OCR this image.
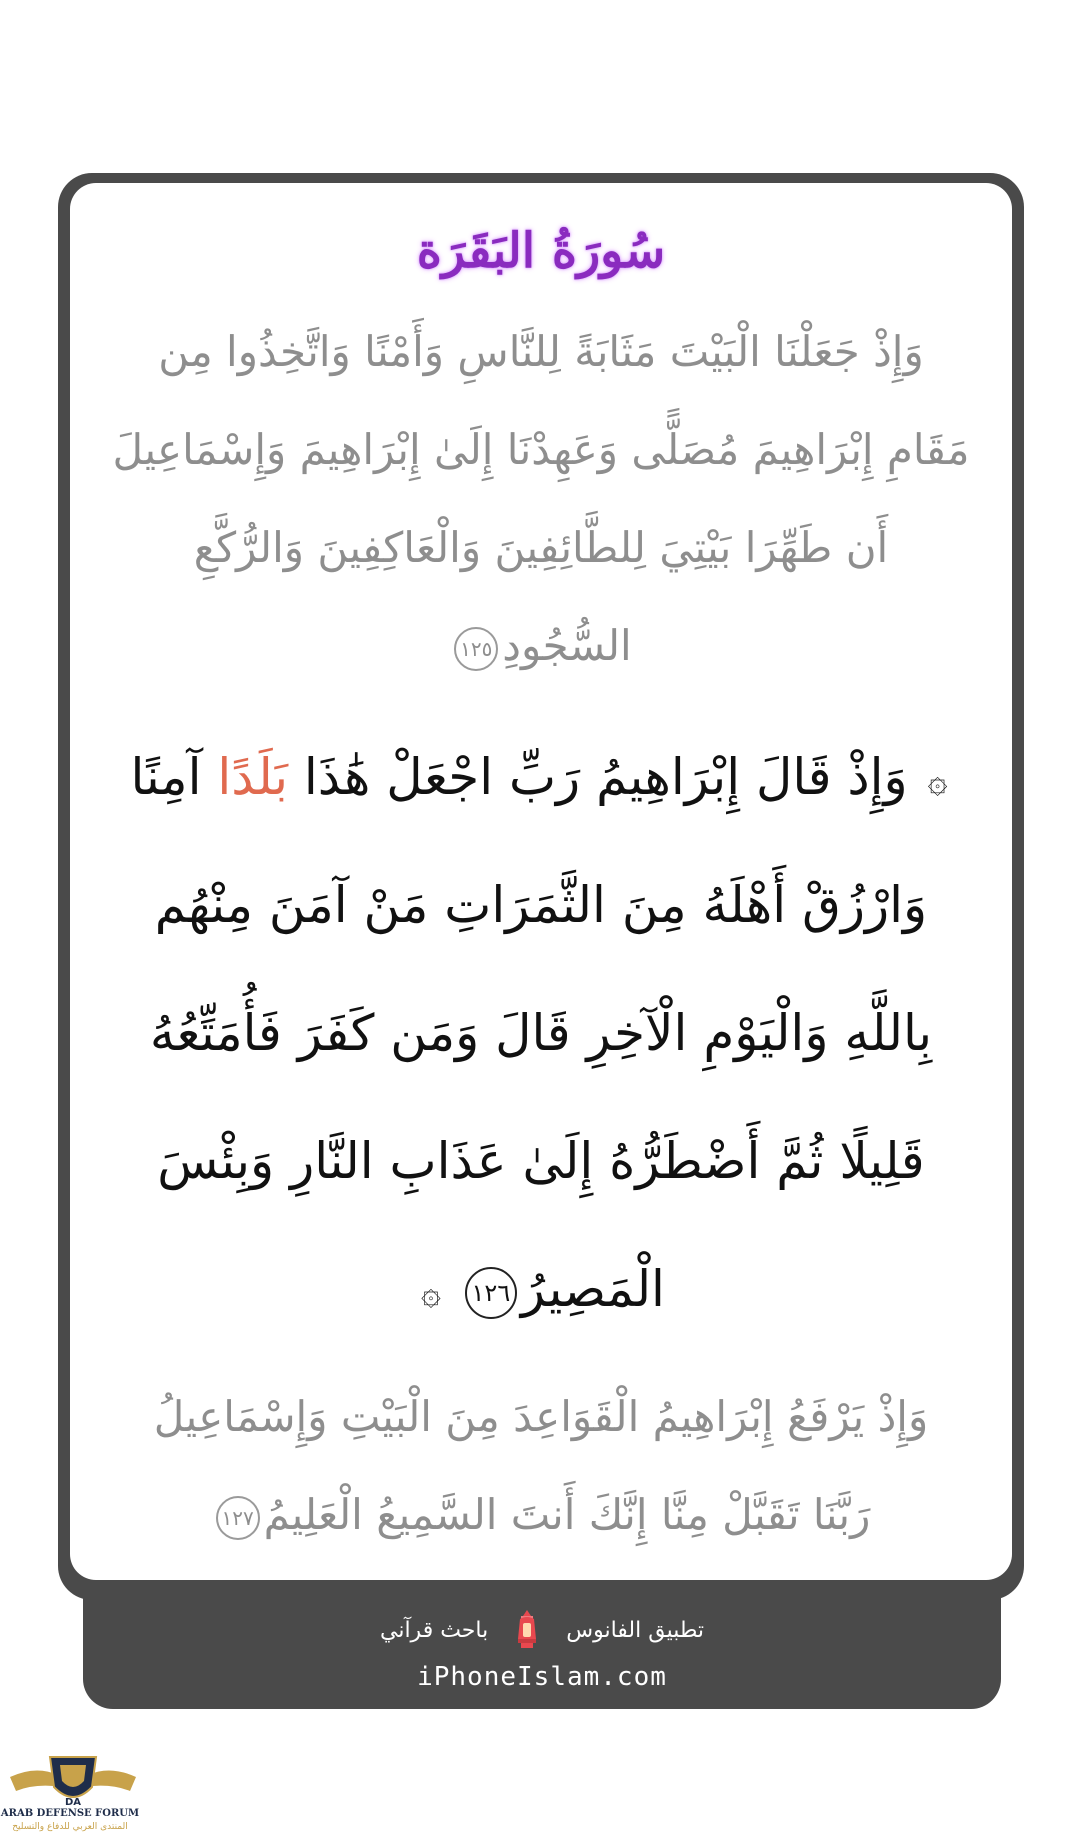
سُورَةُ البَقَرَة
وَإِذْ جَعَلْنَا الْبَيْتَ مَثَابَةً لِلنَّاسِ وَأَمْنًا وَاتَّخِذُوا مِن
مَقَامِ إِبْرَاهِيمَ مُصَلًّى وَعَهِدْنَا إِلَىٰ إِبْرَاهِيمَ وَإِسْمَاعِيلَ
أَن طَهِّرَا بَيْتِيَ لِلطَّائِفِينَ وَالْعَاكِفِينَ وَالرُّكَّعِ
السُّجُودِ١٢٥
۞ وَإِذْ قَالَ إِبْرَاهِيمُ رَبِّ اجْعَلْ هَٰذَا بَلَدًا آمِنًا
وَارْزُقْ أَهْلَهُ مِنَ الثَّمَرَاتِ مَنْ آمَنَ مِنْهُم
بِاللَّهِ وَالْيَوْمِ الْآخِرِ قَالَ وَمَن كَفَرَ فَأُمَتِّعُهُ
قَلِيلًا ثُمَّ أَضْطَرُّهُ إِلَىٰ عَذَابِ النَّارِ وَبِئْسَ
الْمَصِيرُ١٢٦ ۞
وَإِذْ يَرْفَعُ إِبْرَاهِيمُ الْقَوَاعِدَ مِنَ الْبَيْتِ وَإِسْمَاعِيلُ
رَبَّنَا تَقَبَّلْ مِنَّا إِنَّكَ أَنتَ السَّمِيعُ الْعَلِيمُ١٢٧
تطبيق الفانوس
باحث قرآني
iPhoneIslam.com
DA
ARAB DEFENSE FORUM
المنتدى العربي للدفاع والتسليح
